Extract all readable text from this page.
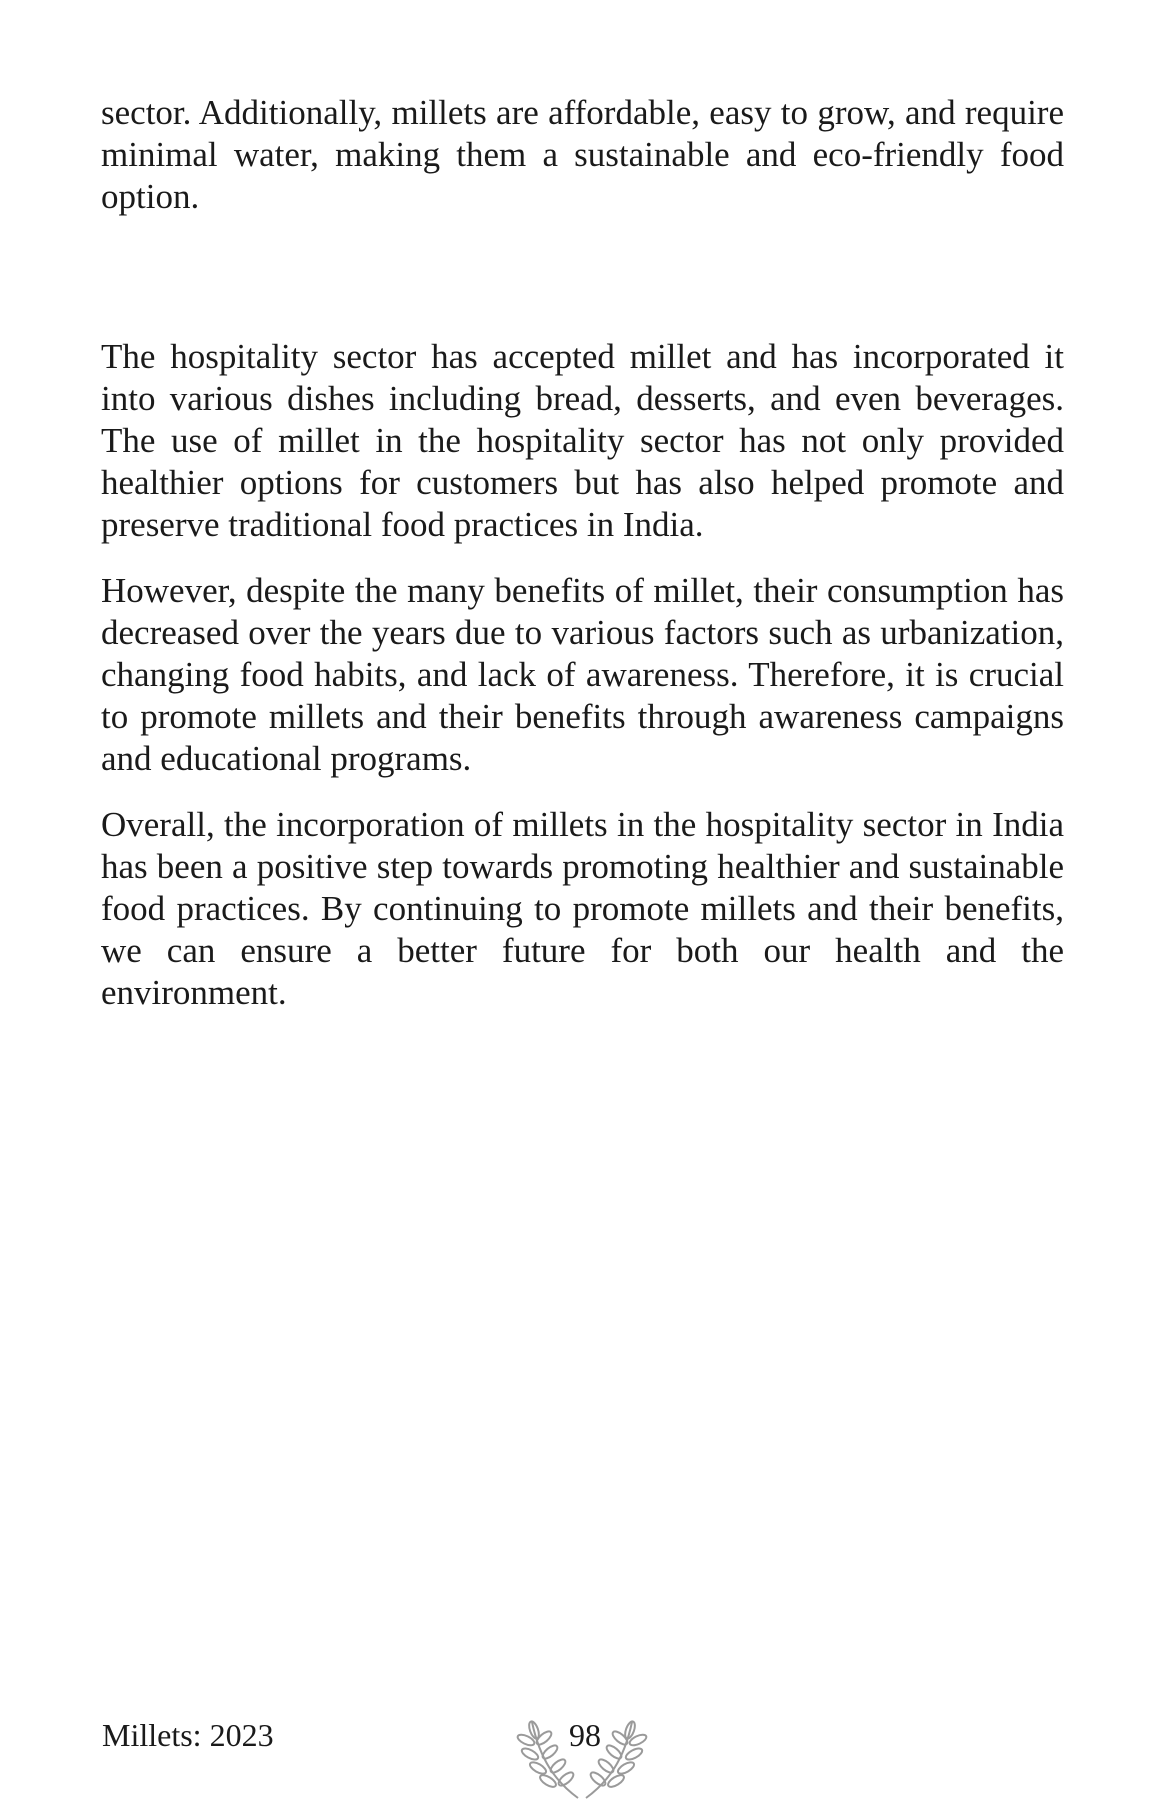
sector. Additionally, millets are affordable, easy to grow, and require minimal water, making them a sustainable and eco-friendly food option.

The hospitality sector has accepted millet and has incorporated it into various dishes including bread, desserts, and even beverages. The use of millet in the hospitality sector has not only provided healthier options for customers but has also helped promote and preserve traditional food practices in India.

However, despite the many benefits of millet, their consumption has decreased over the years due to various factors such as urbanization, changing food habits, and lack of awareness. Therefore, it is crucial to promote millets and their benefits through awareness campaigns and educational programs.

Overall, the incorporation of millets in the hospitality sector in India has been a positive step towards promoting healthier and sustainable food practices. By continuing to promote millets and their benefits, we can ensure a better future for both our health and the environment.

Millets: 2023	98
